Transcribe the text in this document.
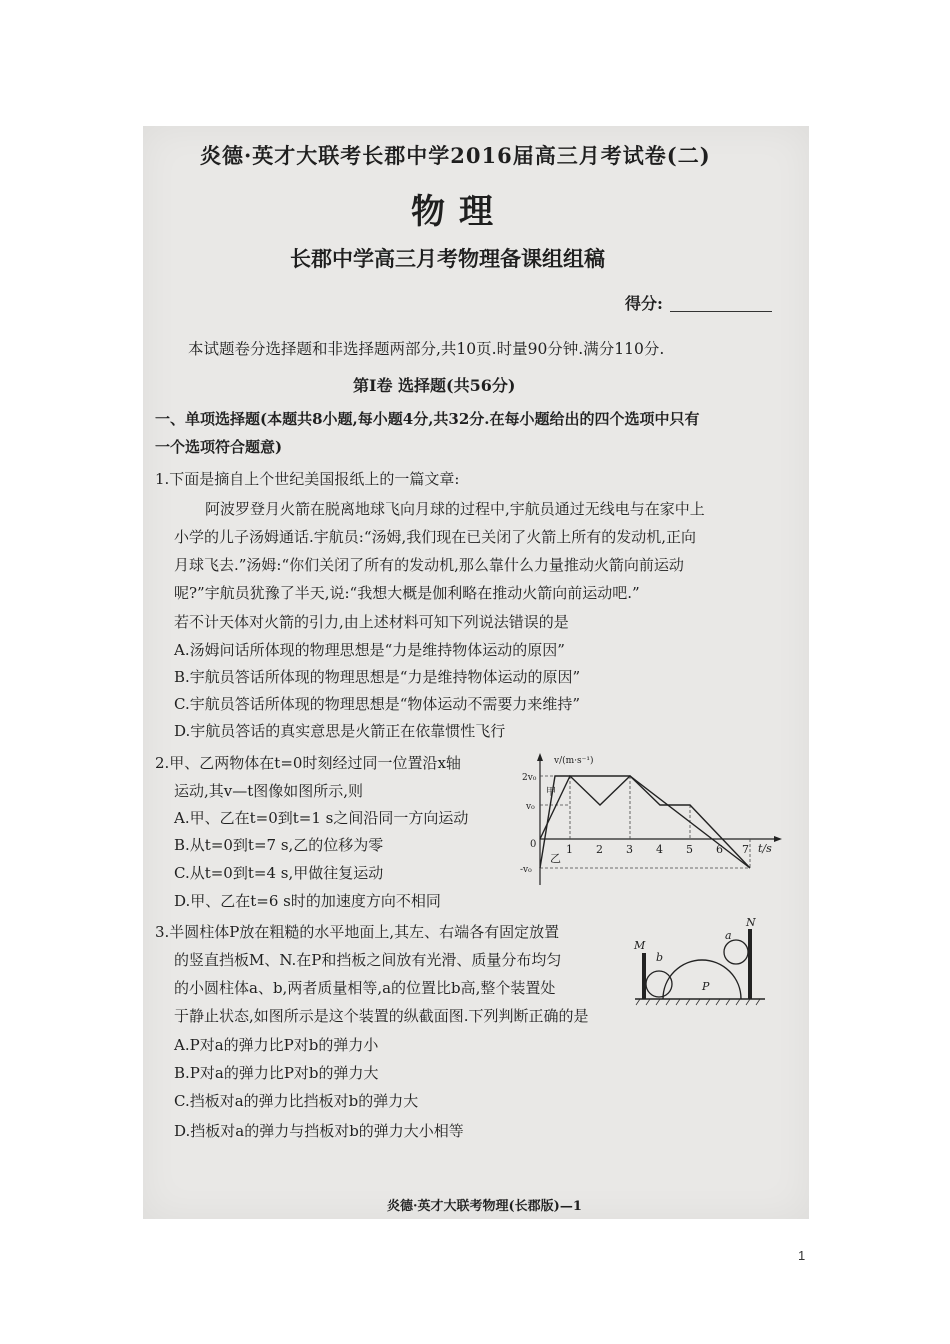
炎德·英才大联考长郡中学2016届高三月考试卷(二)
物理
长郡中学高三月考物理备课组组稿
得分:
本试题卷分选择题和非选择题两部分,共10页.时量90分钟.满分110分.
第Ⅰ卷 选择题(共56分)
一、单项选择题(本题共8小题,每小题4分,共32分.在每小题给出的四个选项中只有
一个选项符合题意)
1.下面是摘自上个世纪美国报纸上的一篇文章:
阿波罗登月火箭在脱离地球飞向月球的过程中,宇航员通过无线电与在家中上
小学的儿子汤姆通话.宇航员:“汤姆,我们现在已关闭了火箭上所有的发动机,正向
月球飞去.”汤姆:“你们关闭了所有的发动机,那么靠什么力量推动火箭向前运动
呢?”宇航员犹豫了半天,说:“我想大概是伽利略在推动火箭向前运动吧.”
若不计天体对火箭的引力,由上述材料可知下列说法错误的是
A.汤姆问话所体现的物理思想是“力是维持物体运动的原因”
B.宇航员答话所体现的物理思想是“力是维持物体运动的原因”
C.宇航员答话所体现的物理思想是“物体运动不需要力来维持”
D.宇航员答话的真实意思是火箭正在依靠惯性飞行
2.甲、乙两物体在t=0时刻经过同一位置沿x轴
运动,其v—t图像如图所示,则
A.甲、乙在t=0到t=1 s之间沿同一方向运动
B.从t=0到t=7 s,乙的位移为零
C.从t=0到t=4 s,甲做往复运动
D.甲、乙在t=6 s时的加速度方向不相同
v/(m·s⁻¹)
t/s
2v₀
v₀
0
-v₀
1 2 3 4 5 6 7
甲
乙
3.半圆柱体P放在粗糙的水平地面上,其左、右端各有固定放置
的竖直挡板M、N.在P和挡板之间放有光滑、质量分布均匀
的小圆柱体a、b,两者质量相等,a的位置比b高,整个装置处
于静止状态,如图所示是这个装置的纵截面图.下列判断正确的是
A.P对a的弹力比P对b的弹力小
B.P对a的弹力比P对b的弹力大
C.挡板对a的弹力比挡板对b的弹力大
D.挡板对a的弹力与挡板对b的弹力大小相等
M
N
a
b
P
炎德·英才大联考物理(长郡版)—1
1
